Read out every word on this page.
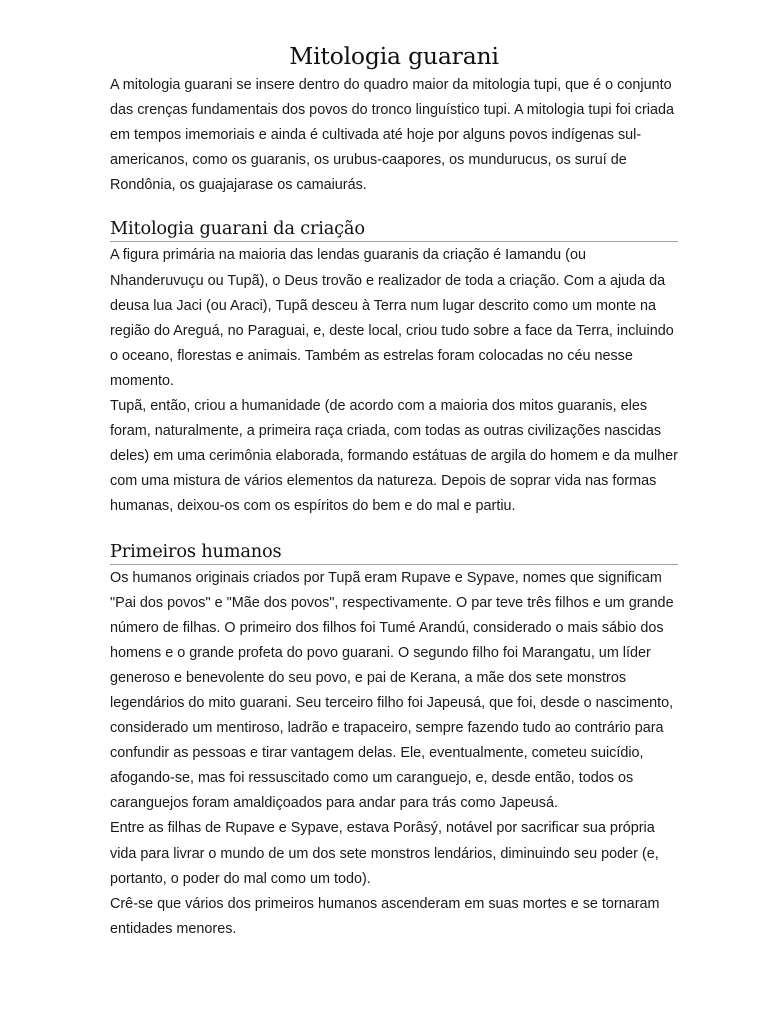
Mitologia guarani

A mitologia guarani se insere dentro do quadro maior da mitologia tupi, que é o conjunto das crenças fundamentais dos povos do tronco linguístico tupi. A mitologia tupi foi criada em tempos imemoriais e ainda é cultivada até hoje por alguns povos indígenas sul-americanos, como os guaranis, os urubus-caapores, os mundurucus, os suruí de Rondônia, os guajajarase os camaiurás.

Mitologia guarani da criação

A figura primária na maioria das lendas guaranis da criação é Iamandu (ou Nhanderuvuçu ou Tupã), o Deus trovão e realizador de toda a criação. Com a ajuda da deusa lua Jaci (ou Araci), Tupã desceu à Terra num lugar descrito como um monte na região do Areguá, no Paraguai, e, deste local, criou tudo sobre a face da Terra, incluindo o oceano, florestas e animais. Também as estrelas foram colocadas no céu nesse momento.

Tupã, então, criou a humanidade (de acordo com a maioria dos mitos guaranis, eles foram, naturalmente, a primeira raça criada, com todas as outras civilizações nascidas deles) em uma cerimônia elaborada, formando estátuas de argila do homem e da mulher com uma mistura de vários elementos da natureza. Depois de soprar vida nas formas humanas, deixou-os com os espíritos do bem e do mal e partiu.

Primeiros humanos

Os humanos originais criados por Tupã eram Rupave e Sypave, nomes que significam "Pai dos povos" e "Mãe dos povos", respectivamente. O par teve três filhos e um grande número de filhas. O primeiro dos filhos foi Tumé Arandú, considerado o mais sábio dos homens e o grande profeta do povo guarani. O segundo filho foi Marangatu, um líder generoso e benevolente do seu povo, e pai de Kerana, a mãe dos sete monstros legendários do mito guarani. Seu terceiro filho foi Japeusá, que foi, desde o nascimento, considerado um mentiroso, ladrão e trapaceiro, sempre fazendo tudo ao contrário para confundir as pessoas e tirar vantagem delas. Ele, eventualmente, cometeu suicídio, afogando-se, mas foi ressuscitado como um caranguejo, e, desde então, todos os caranguejos foram amaldiçoados para andar para trás como Japeusá.

Entre as filhas de Rupave e Sypave, estava Porâsý, notável por sacrificar sua própria vida para livrar o mundo de um dos sete monstros lendários, diminuindo seu poder (e, portanto, o poder do mal como um todo).

Crê-se que vários dos primeiros humanos ascenderam em suas mortes e se tornaram entidades menores.
